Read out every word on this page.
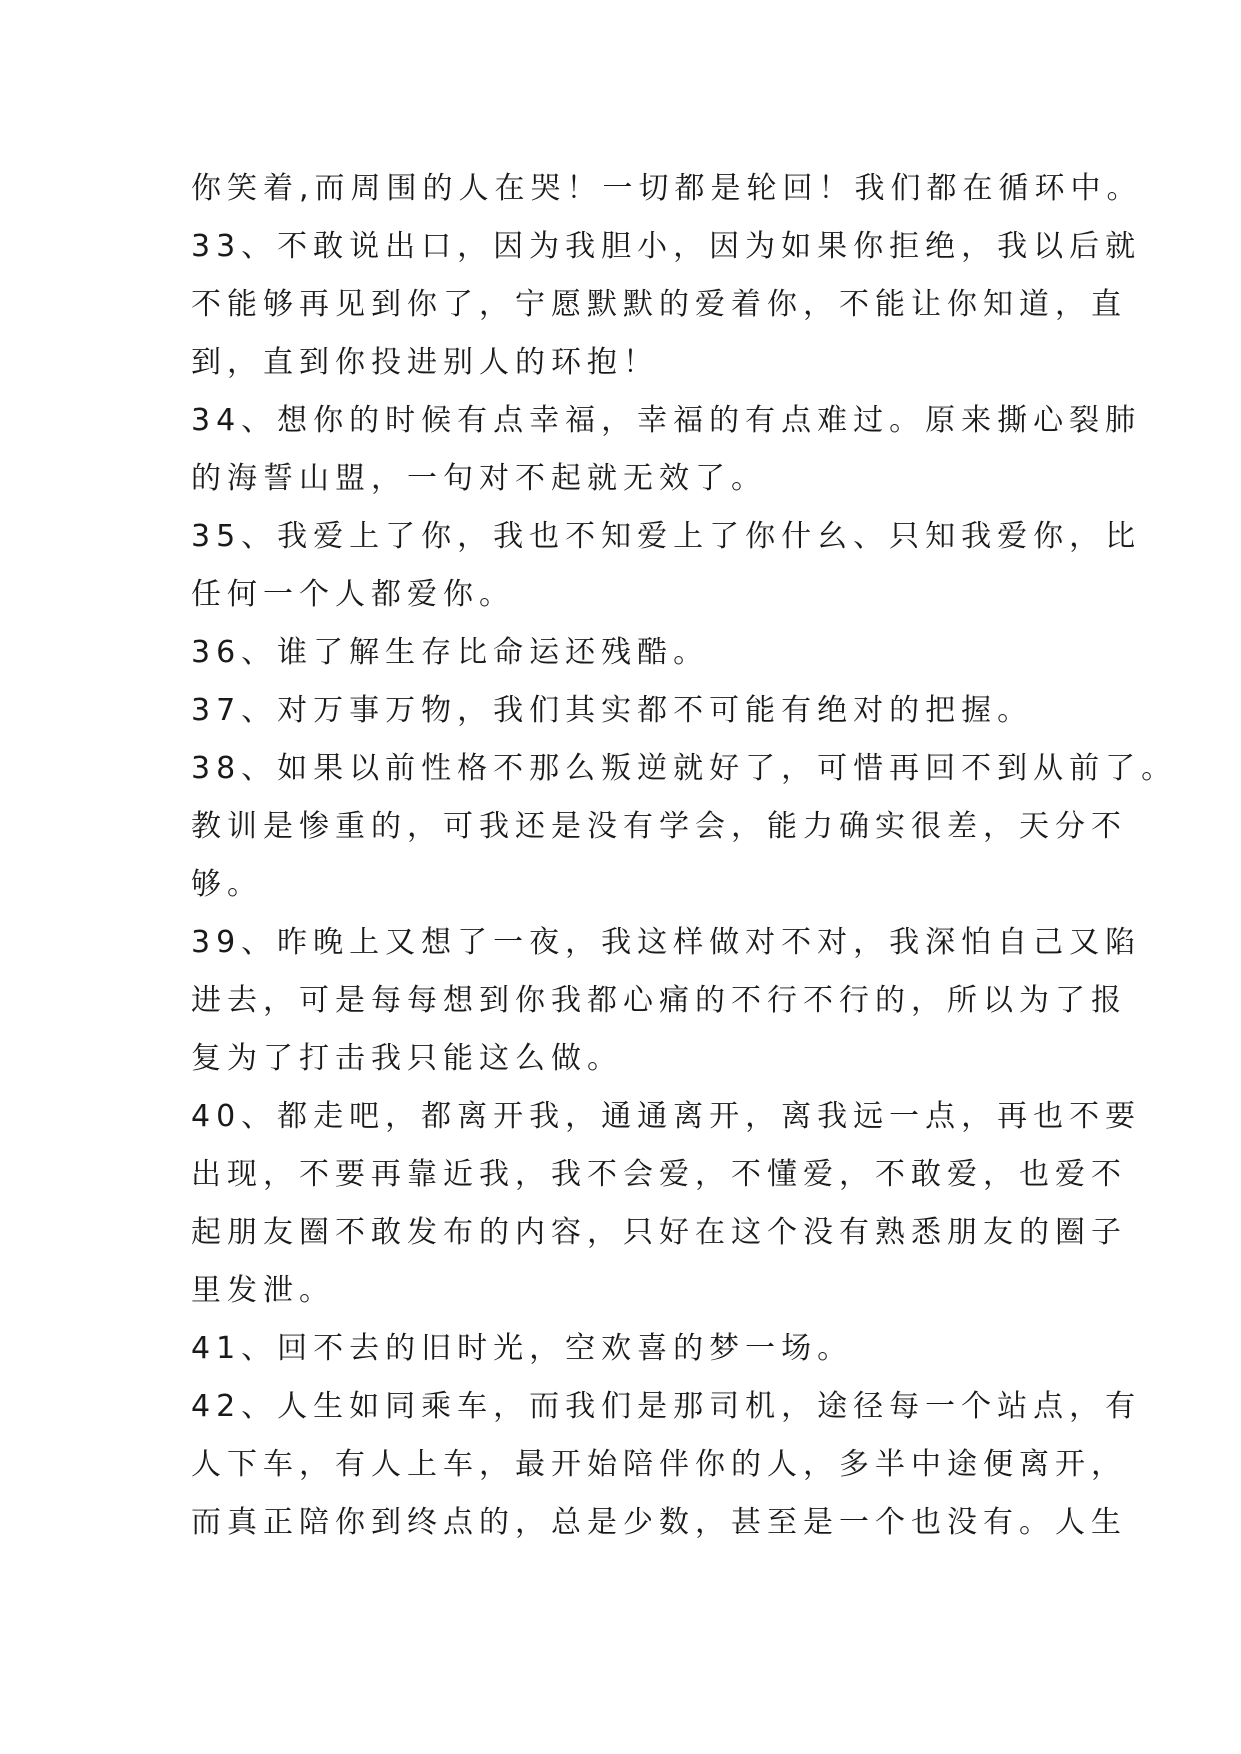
你笑着,而周围的人在哭！一切都是轮回！我们都在循环中。
33、不敢说出口，因为我胆小，因为如果你拒绝，我以后就
不能够再见到你了，宁愿默默的爱着你，不能让你知道，直
到，直到你投进别人的环抱！
34、想你的时候有点幸福，幸福的有点难过。原来撕心裂肺
的海誓山盟，一句对不起就无效了。
35、我爱上了你，我也不知爱上了你什幺、只知我爱你，比
任何一个人都爱你。
36、谁了解生存比命运还残酷。
37、对万事万物，我们其实都不可能有绝对的把握。
38、如果以前性格不那么叛逆就好了，可惜再回不到从前了。
教训是惨重的，可我还是没有学会，能力确实很差，天分不
够。
39、昨晚上又想了一夜，我这样做对不对，我深怕自己又陷
进去，可是每每想到你我都心痛的不行不行的，所以为了报
复为了打击我只能这么做。
40、都走吧，都离开我，通通离开，离我远一点，再也不要
出现，不要再靠近我，我不会爱，不懂爱，不敢爱，也爱不
起朋友圈不敢发布的内容，只好在这个没有熟悉朋友的圈子
里发泄。
41、回不去的旧时光，空欢喜的梦一场。
42、人生如同乘车，而我们是那司机，途径每一个站点，有
人下车，有人上车，最开始陪伴你的人，多半中途便离开，
而真正陪你到终点的，总是少数，甚至是一个也没有。人生
